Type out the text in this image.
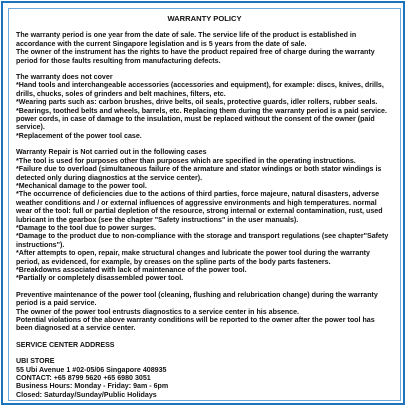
WARRANTY POLICY

The warranty period is one year from the date of sale. The service life of the product is established in accordance with the current Singapore legislation and is 5 years from the date of sale.

The owner of the instrument has the rights to have the product repaired free of charge during the warranty period for those faults resulting from manufacturing defects.

The warranty does not cover

*Hand tools and interchangeable accessories (accessories and equipment), for example: discs, knives, drills, drills, chucks, soles of grinders and belt machines, filters, etc.

*Wearing parts such as: carbon brushes, drive belts, oil seals, protective guards, idler rollers, rubber seals.

*Bearings, toothed belts and wheels, barrels, etc. Replacing them during the warranty period is a paid service. power cords, in case of damage to the insulation, must be replaced without the consent of the owner (paid service).

*Replacement of the power tool case.

Warranty Repair is Not carried out in the following cases

*The tool is used for purposes other than purposes which are specified in the operating instructions.

*Failure due to overload (simultaneous failure of the armature and stator windings or both stator windings is detected only during diagnostics at the service center).

*Mechanical damage to the power tool.

*The occurrence of deficiencies due to the actions of third parties, force majeure, natural disasters, adverse weather conditions and / or external influences of aggressive environments and high temperatures. normal wear of the tool: full or partial depletion of the resource, strong internal or external contamination, rust, used lubricant in the gearbox (see the chapter "Safety instructions" in the user manuals).

*Damage to the tool due to power surges.

*Damage to the product due to non-compliance with the storage and transport regulations (see chapter"Safety instructions").

*After attempts to open, repair, make structural changes and lubricate the power tool during the warranty period, as evidenced, for example, by creases on the spline parts of the body parts fasteners.

*Breakdowns associated with lack of maintenance of the power tool.

*Partially or completely disassembled power tool.

Preventive maintenance of the power tool (cleaning, flushing and relubrication change) during the warranty period is a paid service.

The owner of the power tool entrusts diagnostics to a service center in his absence.

Potential violations of the above warranty conditions will be reported to the owner after the power tool has been diagnosed at a service center.

SERVICE CENTER ADDRESS

UBI STORE

55 Ubi Avenue 1 #02-05/06 Singapore 408935

CONTACT: +65 8799 5620 +65 6980 3051

Business Hours: Monday - Friday: 9am - 6pm

Closed: Saturday/Sunday/Public Holidays
